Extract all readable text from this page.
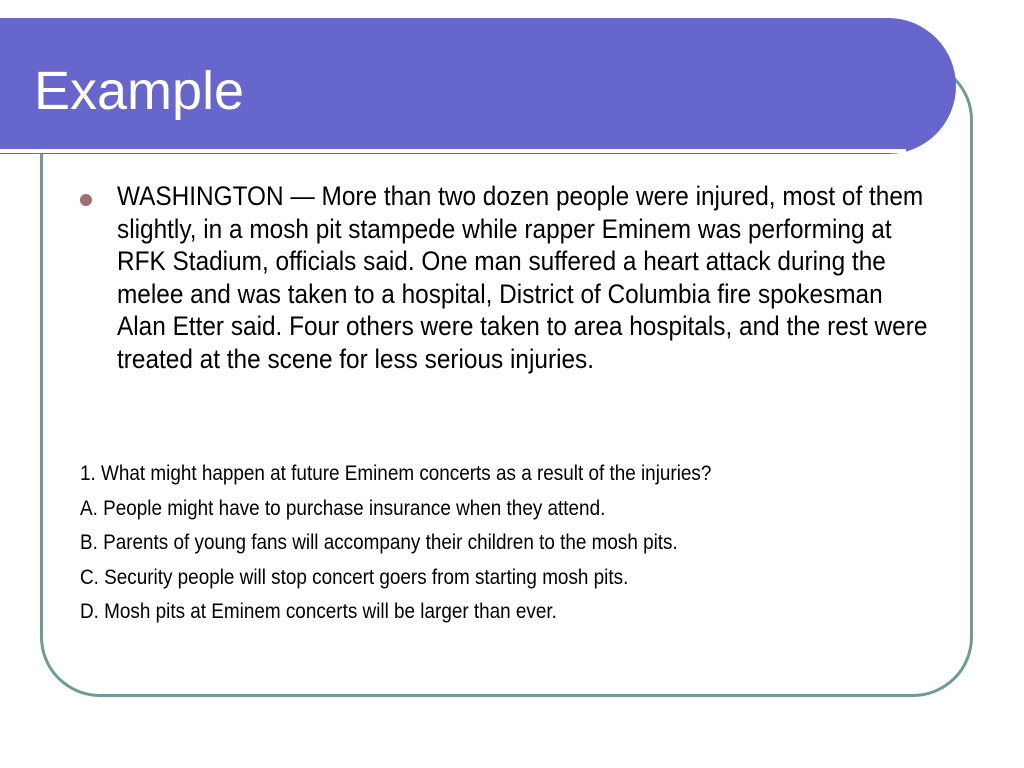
Example

WASHINGTON — More than two dozen people were injured, most of them slightly, in a mosh pit stampede while rapper Eminem was performing at RFK Stadium, officials said. One man suffered a heart attack during the melee and was taken to a hospital, District of Columbia fire spokesman Alan Etter said. Four others were taken to area hospitals, and the rest were treated at the scene for less serious injuries.

1. What might happen at future Eminem concerts as a result of the injuries?

A. People might have to purchase insurance when they attend.

B. Parents of young fans will accompany their children to the mosh pits.

C. Security people will stop concert goers from starting mosh pits.

D. Mosh pits at Eminem concerts will be larger than ever.
